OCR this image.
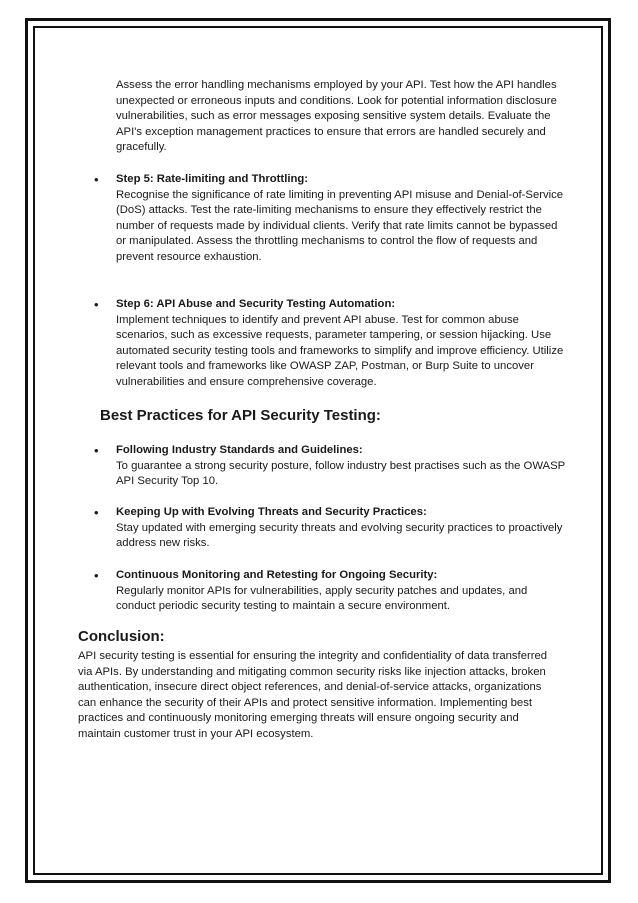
Assess the error handling mechanisms employed by your API. Test how the API handles unexpected or erroneous inputs and conditions. Look for potential information disclosure vulnerabilities, such as error messages exposing sensitive system details. Evaluate the API's exception management practices to ensure that errors are handled securely and gracefully.

• Step 5: Rate-limiting and Throttling:
Recognise the significance of rate limiting in preventing API misuse and Denial-of-Service (DoS) attacks. Test the rate-limiting mechanisms to ensure they effectively restrict the number of requests made by individual clients. Verify that rate limits cannot be bypassed or manipulated. Assess the throttling mechanisms to control the flow of requests and prevent resource exhaustion.
• Step 6: API Abuse and Security Testing Automation:
Implement techniques to identify and prevent API abuse. Test for common abuse scenarios, such as excessive requests, parameter tampering, or session hijacking. Use automated security testing tools and frameworks to simplify and improve efficiency. Utilize relevant tools and frameworks like OWASP ZAP, Postman, or Burp Suite to uncover vulnerabilities and ensure comprehensive coverage.
Best Practices for API Security Testing:
• Following Industry Standards and Guidelines:
To guarantee a strong security posture, follow industry best practises such as the OWASP API Security Top 10.
• Keeping Up with Evolving Threats and Security Practices:
Stay updated with emerging security threats and evolving security practices to proactively address new risks.
• Continuous Monitoring and Retesting for Ongoing Security:
Regularly monitor APIs for vulnerabilities, apply security patches and updates, and conduct periodic security testing to maintain a secure environment.
Conclusion:

API security testing is essential for ensuring the integrity and confidentiality of data transferred via APIs. By understanding and mitigating common security risks like injection attacks, broken authentication, insecure direct object references, and denial-of-service attacks, organizations can enhance the security of their APIs and protect sensitive information. Implementing best practices and continuously monitoring emerging threats will ensure ongoing security and maintain customer trust in your API ecosystem.
